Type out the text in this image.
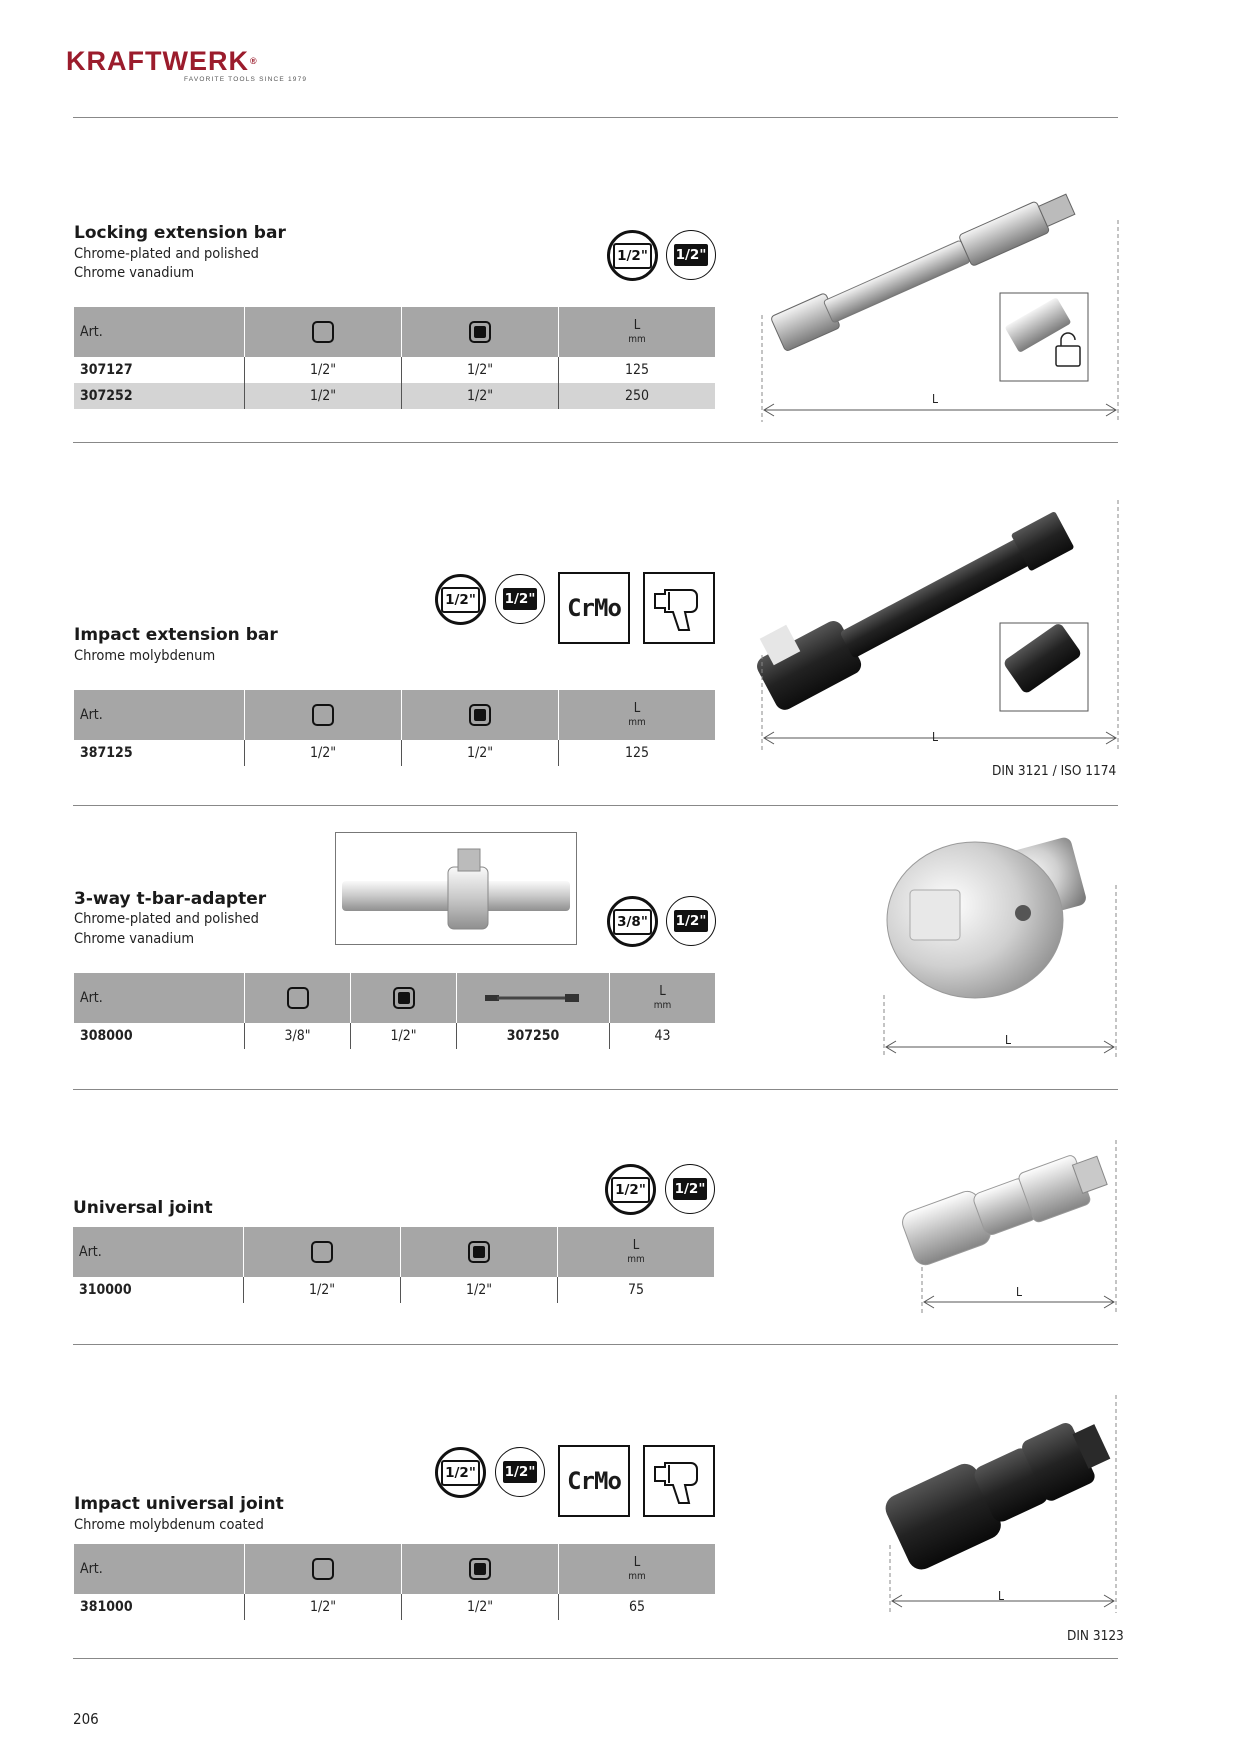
KRAFTWERK®
FAVORITE TOOLS SINCE 1979
Locking extension bar
Chrome-plated and polished
Chrome vanadium
1/2" 1/2"
Art.			L
mm

307127	1/2"	1/2"	125
307252	1/2"	1/2"	250	L
1/2" 1/2" CrMo
Impact extension bar
Chrome molybdenum
Art.			L
mm

387125	1/2"	1/2"	125
L
DIN 3121 / ISO 1174
3-way t-bar-adapter
Chrome-plated and polished
Chrome vanadium
3/8" 1/2"
Art.				L
mm

308000	3/8"	1/2"	307250	43	L
1/2" 1/2"
Universal joint
Art.			L
mm

310000	1/2"	1/2"	75	L
1/2" 1/2" CrMo
Impact universal joint
Chrome molybdenum coated
Art.			L
mm

381000	1/2"	1/2"	65
L
DIN 3123
206
